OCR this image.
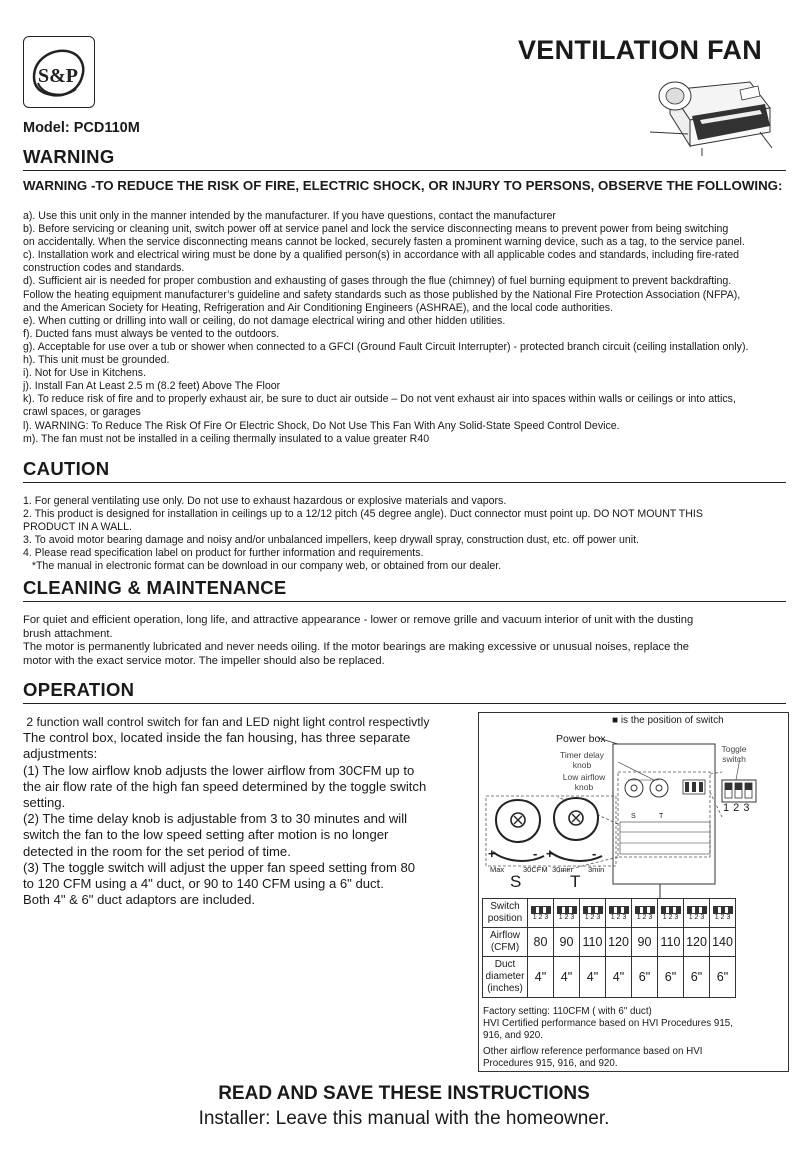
S&P
VENTILATION FAN
Model: PCD110M
WARNING
WARNING -TO REDUCE THE RISK OF FIRE, ELECTRIC SHOCK, OR INJURY TO PERSONS, OBSERVE THE FOLLOWING:
a). Use this unit only in the manner intended by the manufacturer. If you have questions, contact the manufacturer
b). Before servicing or cleaning unit, switch power off at service panel and lock the service disconnecting means to prevent power from being switching
on accidentally. When the service disconnecting means cannot be locked, securely fasten a prominent warning device, such as a tag, to the service panel.
c). Installation work and electrical wiring must be done by a qualified person(s) in accordance with all applicable codes and standards, including fire-rated
construction codes and standards.
d). Sufficient air is needed for proper combustion and exhausting of gases through the flue (chimney) of fuel burning equipment to prevent backdrafting.
Follow the heating equipment manufacturer’s guideline and safety standards such as those published by the National Fire Protection Association (NFPA),
and the American Society for Heating, Refrigeration and Air Conditioning Engineers (ASHRAE), and the local code authorities.
e). When cutting or drilling into wall or ceiling, do not damage electrical wiring and other hidden utilities.
f). Ducted fans must always be vented to the outdoors.
g). Acceptable for use over a tub or shower when connected to a GFCI (Ground Fault Circuit Interrupter) - protected branch circuit (ceiling installation only).
h). This unit must be grounded.
i). Not for Use in Kitchens.
j). Install Fan At Least 2.5 m (8.2 feet) Above The Floor
k). To reduce risk of fire and to properly exhaust air, be sure to duct air outside – Do not vent exhaust air into spaces within walls or ceilings or into attics,
crawl spaces, or garages
l). WARNING: To Reduce The Risk Of Fire Or Electric Shock, Do Not Use This Fan With Any Solid-State Speed Control Device.
m). The fan must not be installed in a ceiling thermally insulated to a value greater R40
CAUTION
1. For general ventilating use only. Do not use to exhaust hazardous or explosive materials and vapors.
2. This product is designed for installation in ceilings up to a 12/12 pitch (45 degree angle). Duct connector must point up. DO NOT MOUNT THIS
PRODUCT IN A WALL.
3. To avoid motor bearing damage and noisy and/or unbalanced impellers, keep drywall spray, construction dust, etc. off power unit.
4. Please read specification label on product for further information and requirements.
*The manual in electronic format can be download in our company web, or obtained from our dealer.
CLEANING & MAINTENANCE
For quiet and efficient operation, long life, and attractive appearance - lower or remove grille and vacuum interior of unit with the dusting
brush attachment.
The motor is permanently lubricated and never needs oiling. If the motor bearings are making excessive or unusual noises, replace the
motor with the exact service motor. The impeller should also be replaced.
OPERATION
2 function wall control switch for fan and LED night light control respectivtly
The control box, located inside the fan housing, has three separate
adjustments:
(1) The low airflow knob adjusts the lower airflow from 30CFM up to
the air flow rate of the high fan speed determined by the toggle switch
setting.
(2) The time delay knob is adjustable from 3 to 30 minutes and will
switch the fan to the low speed setting after motion is no longer
detected in the room for the set period of time.
(3) The toggle switch will adjust the upper fan speed setting from 80
to 120 CFM using a 4" duct, or 90 to 140 CFM using a 6" duct.
Both 4" & 6" duct adaptors are included.
■ is the position of switch
Power box
Timer delay
knob
Low airflow
knob
Toggle
switch
1 2 3
S	T
+	- +	-
Max	30CFM 30min 3min
S	T
Switch position	1 2 3	1 2 3	1 2 3	1 2 3	1 2 3	1 2 3	1 2 3	1 2 3

Airflow (CFM)	80	90	110	120	90	110	120	140
Duct diameter (inches)	4"	4"	4"	4"	6"	6"	6"	6"
Factory setting: 110CFM ( with 6" duct)
HVI Certified performance based on HVI Procedures 915,
916, and 920.
Other airflow reference performance based on HVI
Procedures 915, 916, and 920.
READ AND SAVE THESE INSTRUCTIONS
Installer: Leave this manual with the homeowner.
